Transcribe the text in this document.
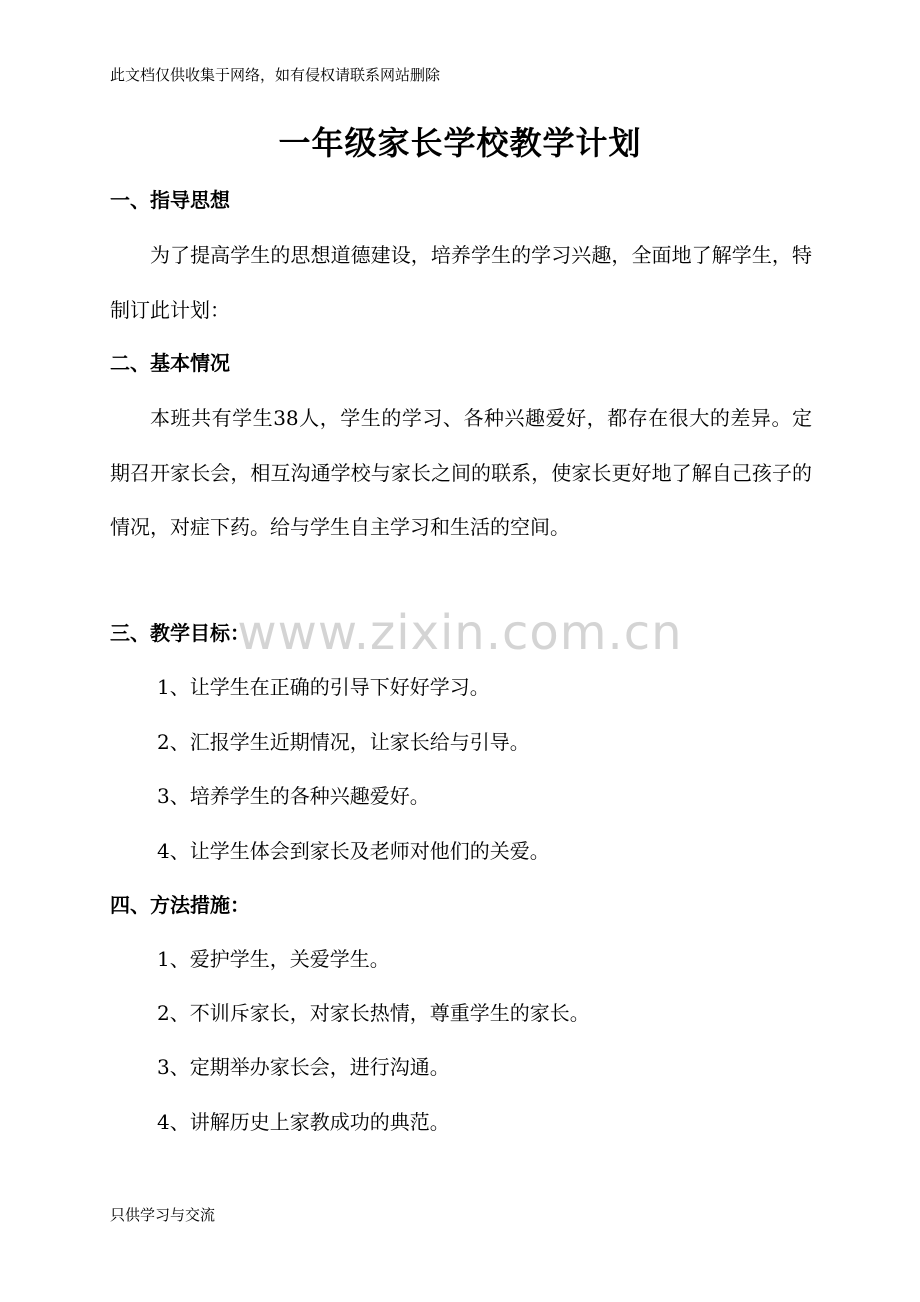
此文档仅供收集于网络，如有侵权请联系网站删除
一年级家长学校教学计划
一、指导思想
为了提高学生的思想道德建设，培养学生的学习兴趣，全面地了解学生，特制订此计划：
二、基本情况
本班共有学生38人，学生的学习、各种兴趣爱好，都存在很大的差异。定期召开家长会，相互沟通学校与家长之间的联系，使家长更好地了解自己孩子的情况，对症下药。给与学生自主学习和生活的空间。
www.zixin.com.cn
三、教学目标：
1、让学生在正确的引导下好好学习。
2、汇报学生近期情况，让家长给与引导。
3、培养学生的各种兴趣爱好。
4、让学生体会到家长及老师对他们的关爱。
四、方法措施：
1、爱护学生，关爱学生。
2、不训斥家长，对家长热情，尊重学生的家长。
3、定期举办家长会，进行沟通。
4、讲解历史上家教成功的典范。
只供学习与交流
